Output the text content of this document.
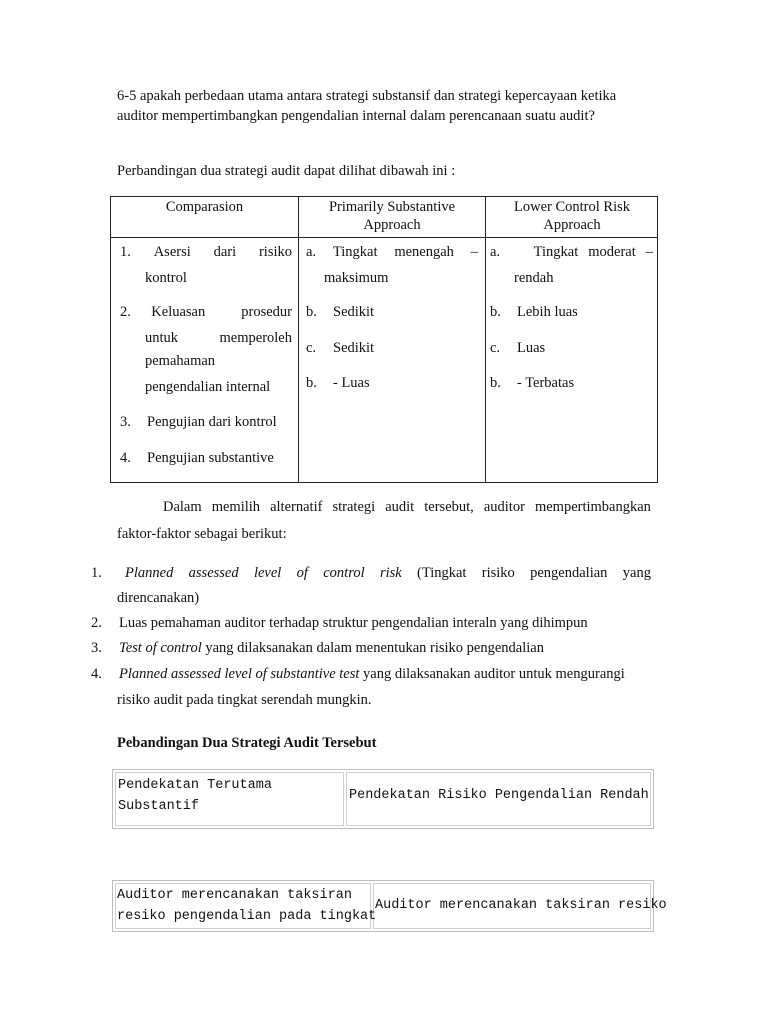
6-5 apakah perbedaan utama antara strategi substansif dan strategi kepercayaan ketika
auditor mempertimbangkan pengendalian internal dalam perencanaan suatu audit?
Perbandingan dua strategi audit dapat dilihat dibawah ini :
Comparasion	Primarily Substantive
Approach
Lower Control Risk
Approach
1. Asersi dari risiko
kontrol
2. Keluasan prosedur
untuk	memperoleh
pemahaman
pengendalian internal
3. Pengujian dari kontrol
4. Pengujian substantive
a. Tingkat menengah –
maksimum
b. Sedikit
c. Sedikit
b. - Luas
a. Tingkat moderat –
rendah
b. Lebih luas
c. Luas
b. - Terbatas
Dalam memilih alternatif strategi audit tersebut, auditor mempertimbangkan
faktor-faktor sebagai berikut:
1. Planned assessed level of control risk (Tingkat risiko pengendalian yang
direncanakan)
2. Luas pemahaman auditor terhadap struktur pengendalian interaln yang dihimpun
3. Test of control yang dilaksanakan dalam menentukan risiko pengendalian
4. Planned assessed level of substantive test yang dilaksanakan auditor untuk mengurangi
risiko audit pada tingkat serendah mungkin.
Pebandingan Dua Strategi Audit Tersebut
Pendekatan Terutama
Substantif
Pendekatan Risiko Pengendalian Rendah
Auditor merencanakan taksiran
resiko pengendalian pada tingkat
Auditor merencanakan taksiran resiko
